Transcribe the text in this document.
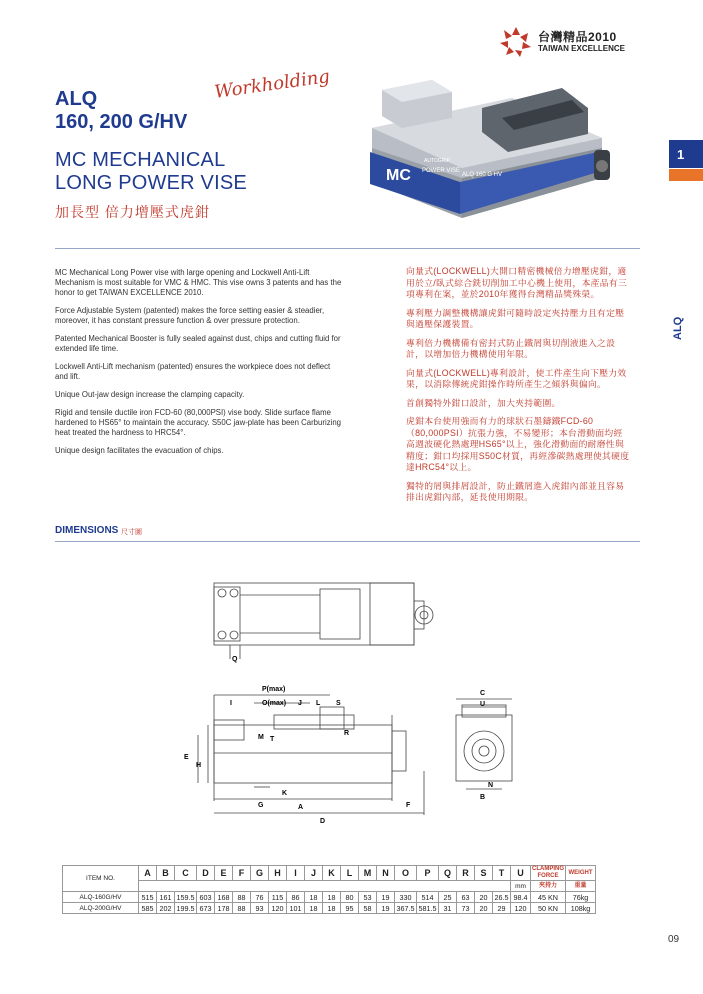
ALQ
160, 200 G/HV
MC MECHANICAL
LONG POWER VISE
加長型 倍力增壓式虎鉗
Workholding
台灣精品2010
TAIWAN EXCELLENCE
1
ALQ
MC POWER VISE
ALQ 160 G HV
AUTOGRIP

MC Mechanical Long Power vise with large opening and Lockwell Anti-Lift Mechanism is most suitable for VMC & HMC. This vise owns 3 patents and has the honor to get TAIWAN EXCELLENCE 2010.

Force Adjustable System (patented) makes the force setting easier & steadier, moreover, it has constant pressure function & over pressure protection.

Patented Mechanical Booster is fully sealed against dust, chips and cutting fluid for extended life time.

Lockwell Anti-Lift mechanism (patented) ensures the workpiece does not deflect and lift.

Unique Out-jaw design increase the clamping capacity.

Rigid and tensile ductile iron FCD-60 (80,000PSI) vise body. Slide surface flame hardened to HS65° to maintain the accuracy. S50C jaw-plate has been Carburizing heat treated the hardness to HRC54°.

Unique design facilitates the evacuation of chips.

向量式(LOCKWELL)大開口精密機械倍力增壓虎鉗，適用於立/臥式綜合銑切削加工中心機上使用，本產品有三項專利在案，並於2010年獲得台灣精品獎殊榮。

專利壓力調整機構讓虎鉗可隨時設定夾持壓力且有定壓與過壓保護裝置。

專利倍力機構備有密封式防止鐵屑與切削液進入之設計，以增加倍力機構使用年限。

向量式(LOCKWELL)專利設計，使工件產生向下壓力效果，以消除傳統虎鉗操作時所產生之傾斜與偏向。

首創獨特外鉗口設計，加大夾持範圍。

虎鉗本台使用強而有力的球狀石墨鑄鐵FCD-60（80,000PSI）抗張力強，不易變形；本台滑動面均經高週波硬化熱處理HS65°以上，強化滑動面的耐磨性與精度；鉗口均採用S50C材質，再經滲碳熱處理使其硬度達HRC54°以上。

獨特的屑與排屑設計，防止鐵屑進入虎鉗內部並且容易排出虎鉗內部，延長使用期限。

DIMENSIONS 尺寸圖
Q
P(max)
O(max)
I	J L S
M T
R
E
H
K
G	A	F
D
C
U
N
B
ITEM NO.	A	B	C	D	E	F	G	H	I	J	K	L	M	N	O	P	Q	R	S	T	U	CLAMPING FORCE	WEIGHT
																					mm	夾持力	重量
ALQ-160G/HV	515	161	159.5	603	168	88	76	115	86	18	18	80	53	19	330	514	25	63	20	26.5	98.4	45 KN	76kg
ALQ-200G/HV	585	202	199.5	673	178	88	93	120	101	18	18	95	58	19	367.5	581.5	31	73	20	29	120	50 KN	108kg
09
